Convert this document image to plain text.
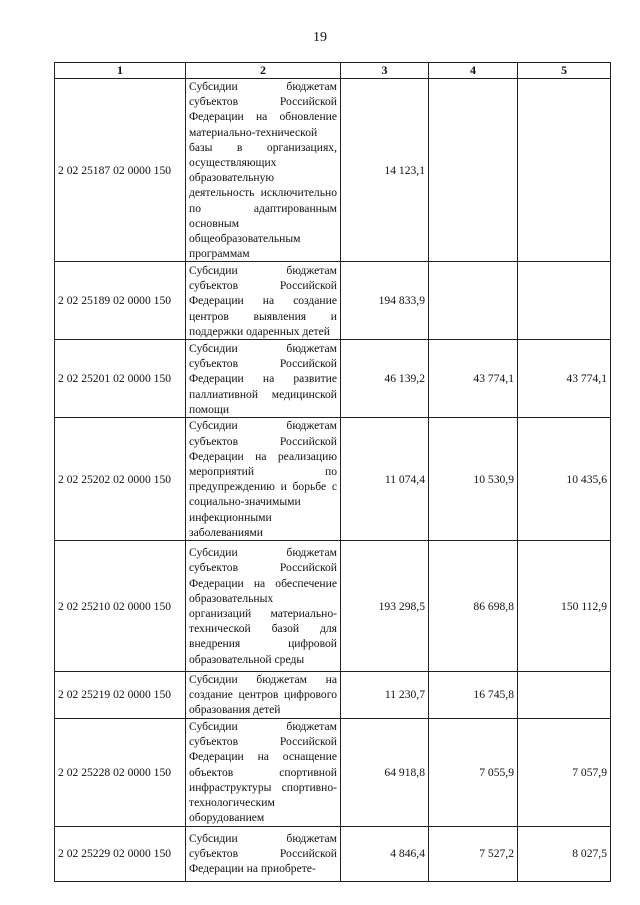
19
1	2	3	4	5
2 02 25187 02 0000 150	Субсидии бюджетам субъектов Российской Федерации на обновление материально-технической базы в организациях, осуществляющих образовательную деятельность исключительно по адаптированным основным общеобразовательным программам	14 123,1		
2 02 25189 02 0000 150	Субсидии бюджетам субъектов Российской Федерации на создание центров выявления и поддержки одаренных детей	194 833,9		
2 02 25201 02 0000 150	Субсидии бюджетам субъектов Российской Федерации на развитие паллиативной медицинской помощи	46 139,2	43 774,1	43 774,1
2 02 25202 02 0000 150	Субсидии бюджетам субъектов Российской Федерации на реализацию мероприятий по предупреждению и борьбе с социально-значимыми инфекционными заболеваниями	11 074,4	10 530,9	10 435,6
2 02 25210 02 0000 150	Субсидии бюджетам субъектов Российской Федерации на обеспечение образовательных организаций материально-технической базой для внедрения цифровой образовательной среды	193 298,5	86 698,8	150 112,9
2 02 25219 02 0000 150	Субсидии бюджетам на создание центров цифрового образования детей	11 230,7	16 745,8	
2 02 25228 02 0000 150	Субсидии бюджетам субъектов Российской Федерации на оснащение объектов спортивной инфраструктуры спортивно-технологическим оборудованием	64 918,8	7 055,9	7 057,9
2 02 25229 02 0000 150	Субсидии бюджетам субъектов Российской Федерации на приобрете-	4 846,4	7 527,2	8 027,5
